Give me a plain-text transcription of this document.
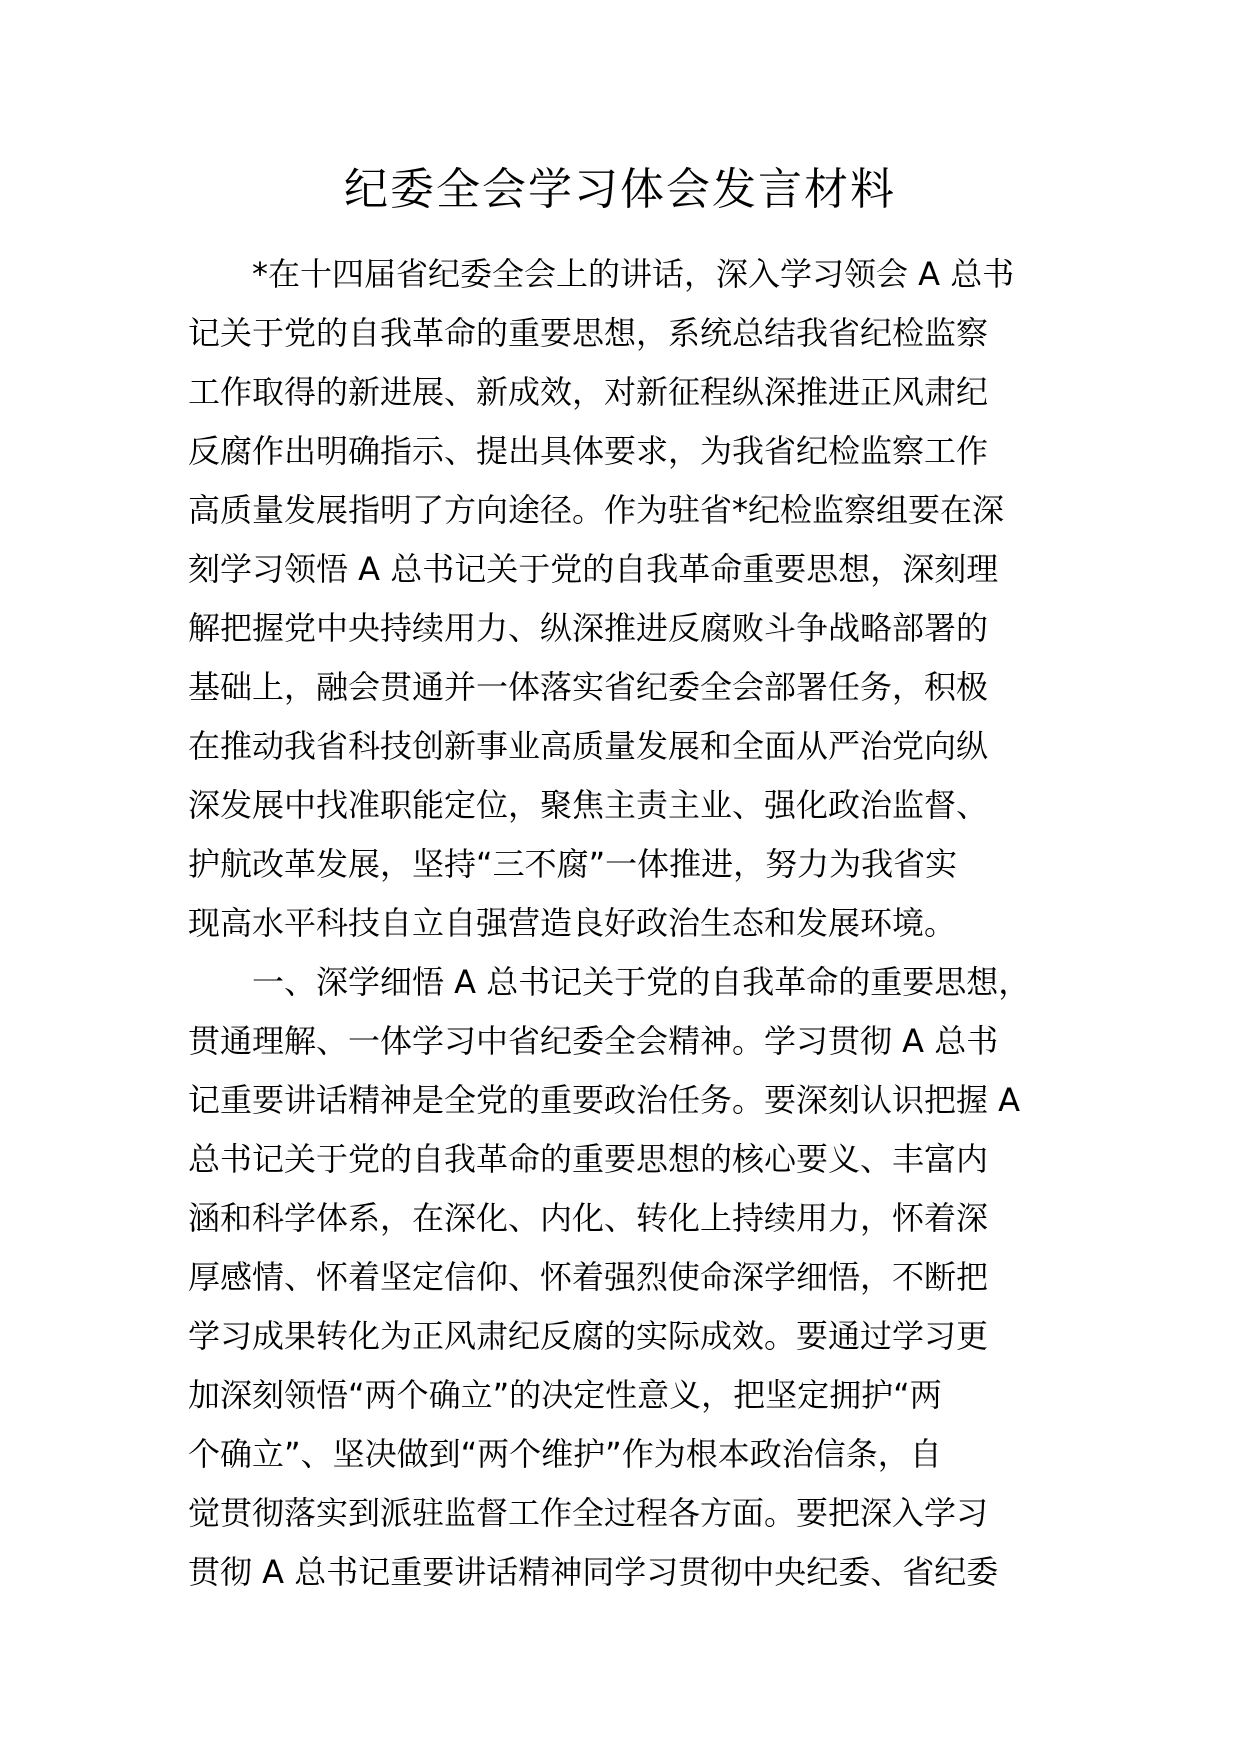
纪委全会学习体会发言材料
*在十四届省纪委全会上的讲话，深入学习领会 A 总书
记关于党的自我革命的重要思想，系统总结我省纪检监察
工作取得的新进展、新成效，对新征程纵深推进正风肃纪
反腐作出明确指示、提出具体要求，为我省纪检监察工作
高质量发展指明了方向途径。作为驻省*纪检监察组要在深
刻学习领悟 A 总书记关于党的自我革命重要思想，深刻理
解把握党中央持续用力、纵深推进反腐败斗争战略部署的
基础上，融会贯通并一体落实省纪委全会部署任务，积极
在推动我省科技创新事业高质量发展和全面从严治党向纵
深发展中找准职能定位，聚焦主责主业、强化政治监督、
护航改革发展，坚持“三不腐”一体推进，努力为我省实
现高水平科技自立自强营造良好政治生态和发展环境。
一、深学细悟 A 总书记关于党的自我革命的重要思想，
贯通理解、一体学习中省纪委全会精神。学习贯彻 A 总书
记重要讲话精神是全党的重要政治任务。要深刻认识把握 A
总书记关于党的自我革命的重要思想的核心要义、丰富内
涵和科学体系，在深化、内化、转化上持续用力，怀着深
厚感情、怀着坚定信仰、怀着强烈使命深学细悟，不断把
学习成果转化为正风肃纪反腐的实际成效。要通过学习更
加深刻领悟“两个确立”的决定性意义，把坚定拥护“两
个确立”、坚决做到“两个维护”作为根本政治信条，自
觉贯彻落实到派驻监督工作全过程各方面。要把深入学习
贯彻 A 总书记重要讲话精神同学习贯彻中央纪委、省纪委
